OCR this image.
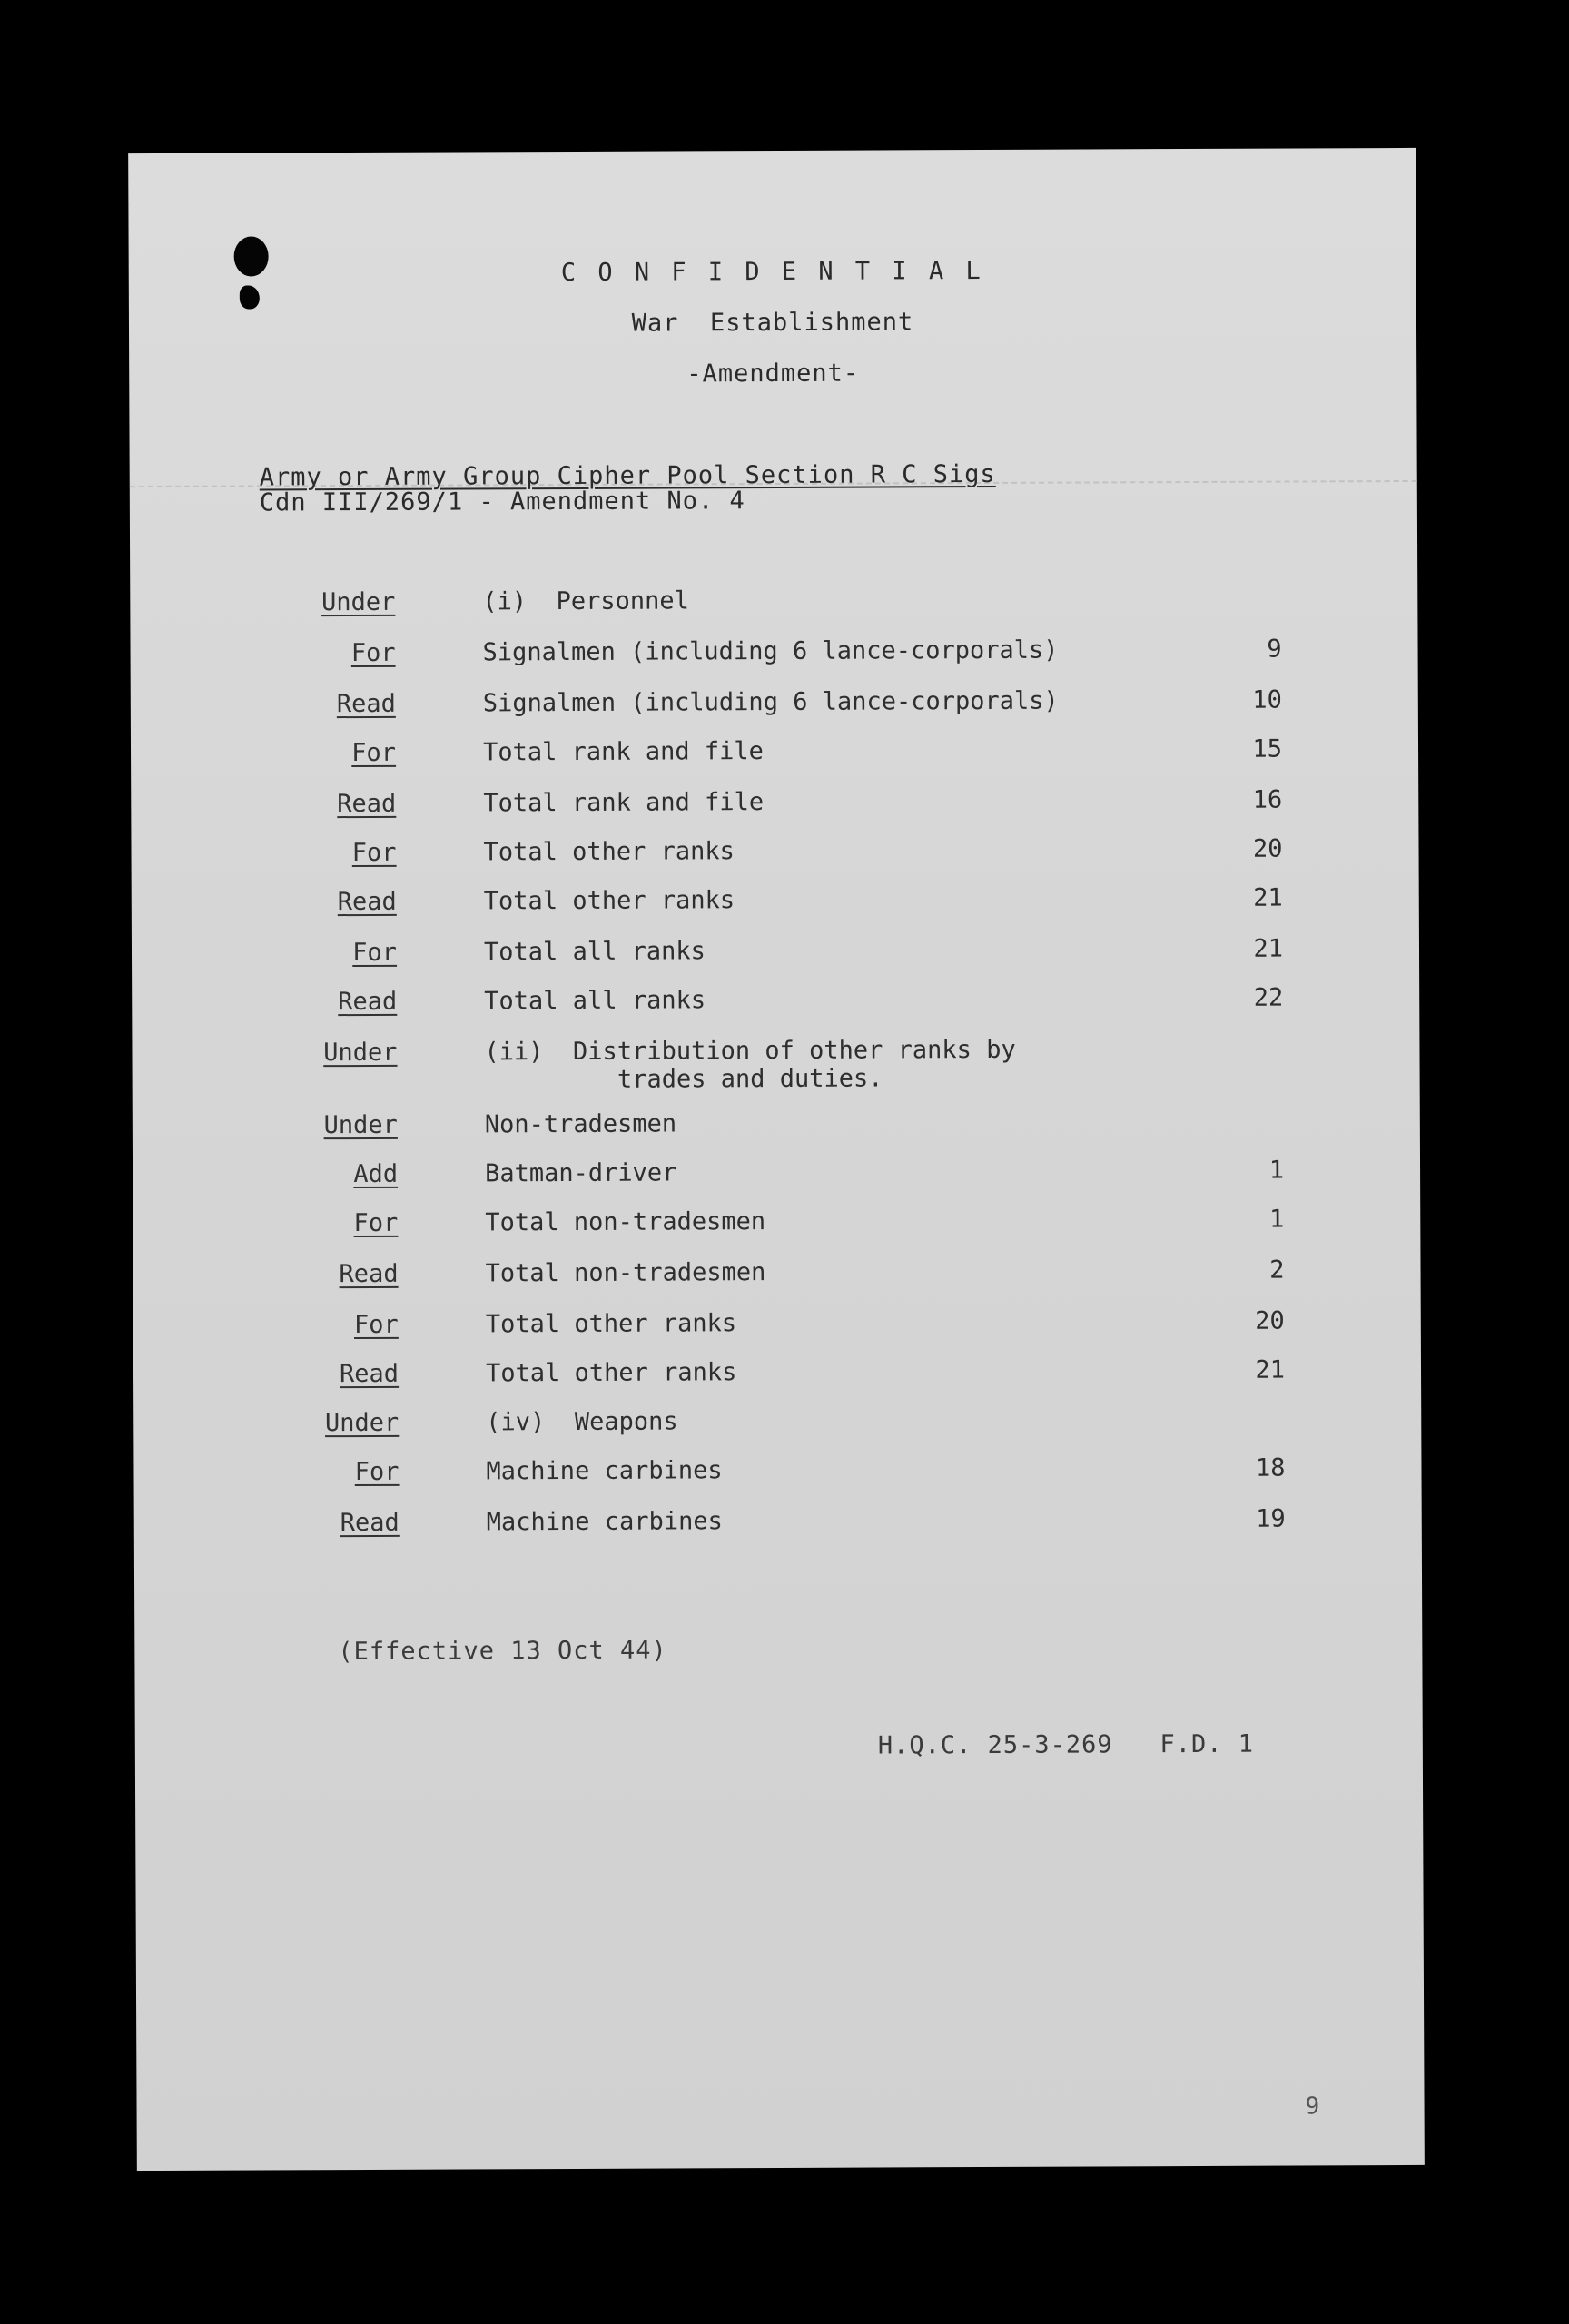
C O N F I D E N T I A L
War  Establishment
-Amendment-
Army or Army Group Cipher Pool Section R C Sigs
Cdn III/269/1 - Amendment No. 4
Under	(i)  Personnel
For	Signalmen (including 6 lance-corporals)	9
Read	Signalmen (including 6 lance-corporals)	10
For	Total rank and file	15
Read	Total rank and file	16
For	Total other ranks	20
Read	Total other ranks	21
For	Total all ranks	21
Read	Total all ranks	22
Under	(ii)  Distribution of other ranks by
trades and duties.
Under	Non-tradesmen
Add	Batman-driver	1
For	Total non-tradesmen	1
Read	Total non-tradesmen	2
For	Total other ranks	20
Read	Total other ranks	21
Under	(iv)  Weapons
For	Machine carbines	18
Read	Machine carbines	19
(Effective 13 Oct 44)
H.Q.C. 25-3-269   F.D. 1
9
